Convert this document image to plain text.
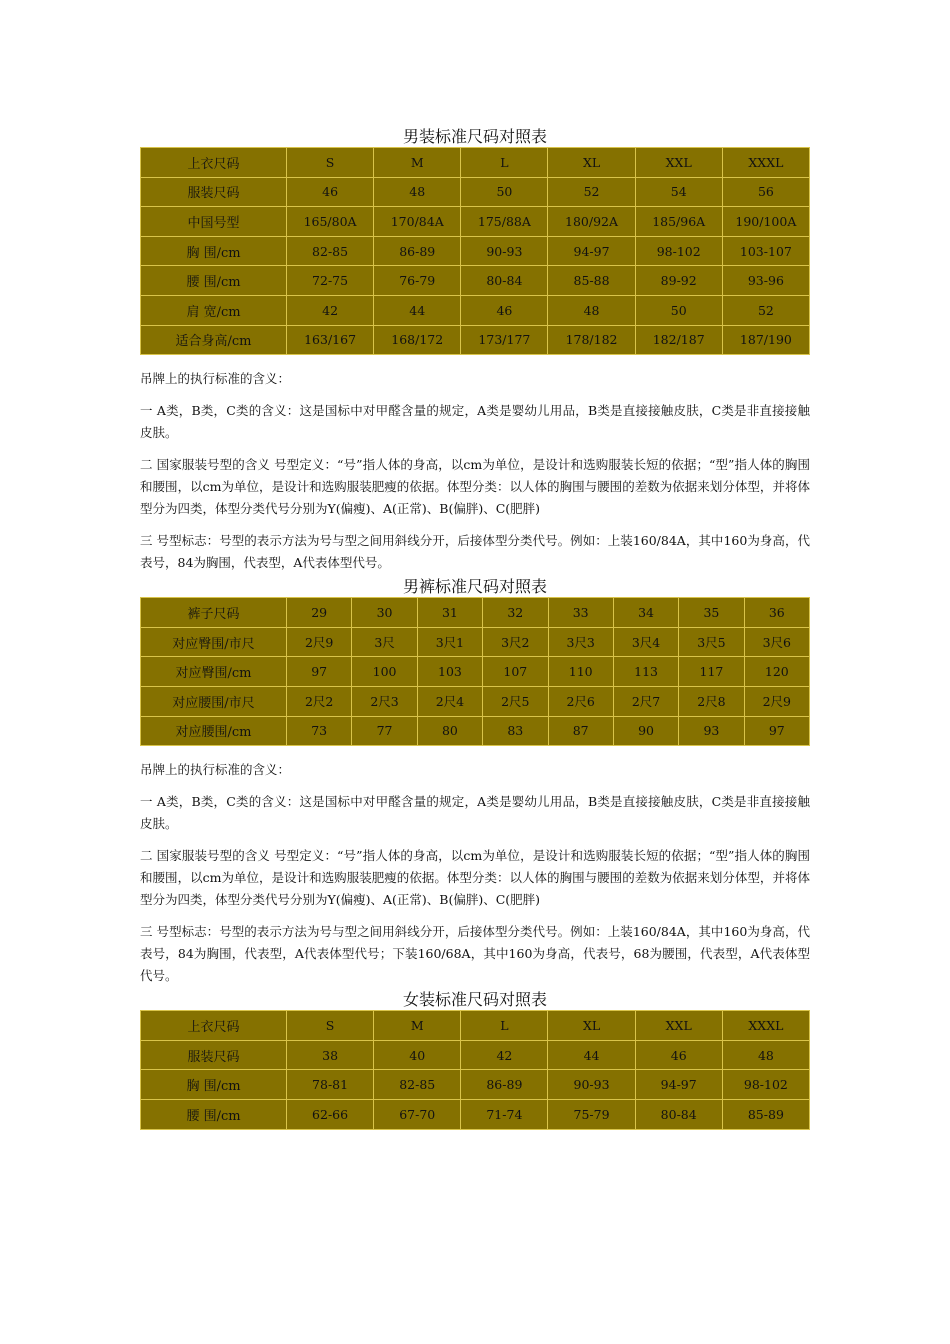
男装标准尺码对照表
上衣尺码	S	M	L	XL	XXL	XXXL
服装尺码	46	48	50	52	54	56
中国号型	165/80A	170/84A	175/88A	180/92A	185/96A	190/100A
胸 围/cm	82-85	86-89	90-93	94-97	98-102	103-107
腰 围/cm	72-75	76-79	80-84	85-88	89-92	93-96
肩 宽/cm	42	44	46	48	50	52
适合身高/cm	163/167	168/172	173/177	178/182	182/187	187/190

吊牌上的执行标准的含义：

一 A类，B类，C类的含义：这是国标中对甲醛含量的规定，A类是婴幼儿用品，B类是直接接触皮肤，C类是非直接接触皮肤。

二 国家服装号型的含义 号型定义：“号”指人体的身高，以cm为单位，是设计和选购服装长短的依据；“型”指人体的胸围和腰围，以cm为单位，是设计和选购服装肥瘦的依据。体型分类：以人体的胸围与腰围的差数为依据来划分体型，并将体型分为四类，体型分类代号分别为Y(偏瘦)、A(正常)、B(偏胖)、C(肥胖)

三 号型标志：号型的表示方法为号与型之间用斜线分开，后接体型分类代号。例如：上装160/84A，其中160为身高，代表号，84为胸围，代表型，A代表体型代号。

男裤标准尺码对照表
裤子尺码	29	30	31	32	33	34	35	36
对应臀围/市尺	2尺9	3尺	3尺1	3尺2	3尺3	3尺4	3尺5	3尺6
对应臀围/cm	97	100	103	107	110	113	117	120
对应腰围/市尺	2尺2	2尺3	2尺4	2尺5	2尺6	2尺7	2尺8	2尺9
对应腰围/cm	73	77	80	83	87	90	93	97

吊牌上的执行标准的含义：

一 A类，B类，C类的含义：这是国标中对甲醛含量的规定，A类是婴幼儿用品，B类是直接接触皮肤，C类是非直接接触皮肤。

二 国家服装号型的含义 号型定义：“号”指人体的身高，以cm为单位，是设计和选购服装长短的依据；“型”指人体的胸围和腰围，以cm为单位，是设计和选购服装肥瘦的依据。体型分类：以人体的胸围与腰围的差数为依据来划分体型，并将体型分为四类，体型分类代号分别为Y(偏瘦)、A(正常)、B(偏胖)、C(肥胖)

三 号型标志：号型的表示方法为号与型之间用斜线分开，后接体型分类代号。例如：上装160/84A，其中160为身高，代表号，84为胸围，代表型，A代表体型代号；下装160/68A，其中160为身高，代表号，68为腰围，代表型，A代表体型代号。

女装标准尺码对照表
上衣尺码	S	M	L	XL	XXL	XXXL
服装尺码	38	40	42	44	46	48
胸 围/cm	78-81	82-85	86-89	90-93	94-97	98-102
腰 围/cm	62-66	67-70	71-74	75-79	80-84	85-89
